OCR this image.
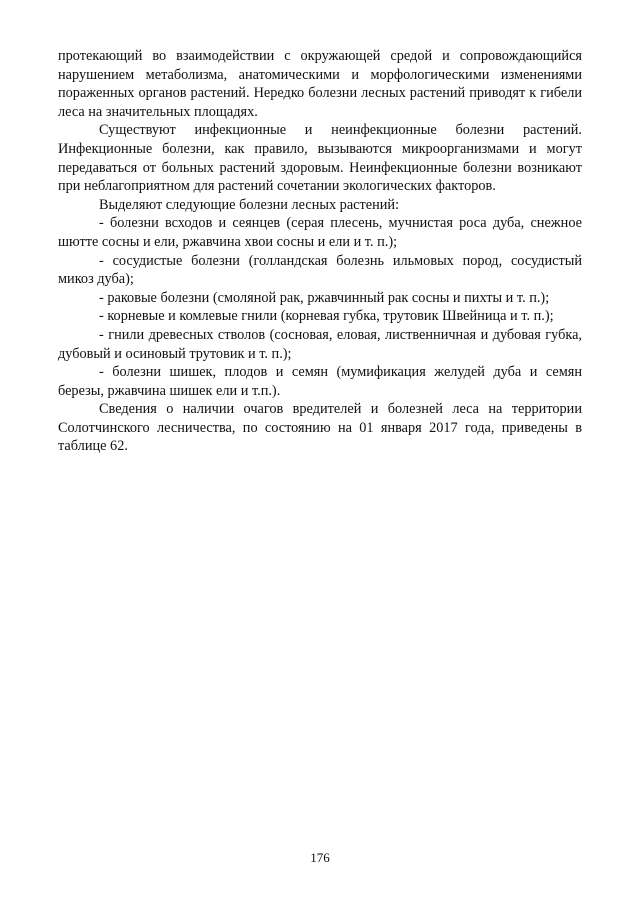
протекающий во взаимодействии с окружающей средой и сопровождающийся нарушением метаболизма, анатомическими и морфологическими изменениями пораженных органов растений. Нередко болезни лесных растений приводят к гибели леса на значительных площадях.

Существуют инфекционные и неинфекционные болезни растений. Инфекционные болезни, как правило, вызываются микроорганизмами и могут передаваться от больных растений здоровым. Неинфекционные болезни возникают при неблагоприятном для растений сочетании экологических факторов.

Выделяют следующие болезни лесных растений:

- болезни всходов и сеянцев (серая плесень, мучнистая роса дуба, снежное шютте сосны и ели, ржавчина хвои сосны и ели и т. п.);

- сосудистые болезни (голландская болезнь ильмовых пород, сосудистый микоз дуба);

- раковые болезни (смоляной рак, ржавчинный рак сосны и пихты и т. п.);

- корневые и комлевые гнили (корневая губка, трутовик Швейница и т. п.);

- гнили древесных стволов (сосновая, еловая, лиственничная и дубовая губка, дубовый и осиновый трутовик и т. п.);

- болезни шишек, плодов и семян (мумификация желудей дуба и семян березы, ржавчина шишек ели и т.п.).

Сведения о наличии очагов вредителей и болезней леса на территории Солотчинского лесничества, по состоянию на 01 января 2017 года, приведены в таблице 62.

176
